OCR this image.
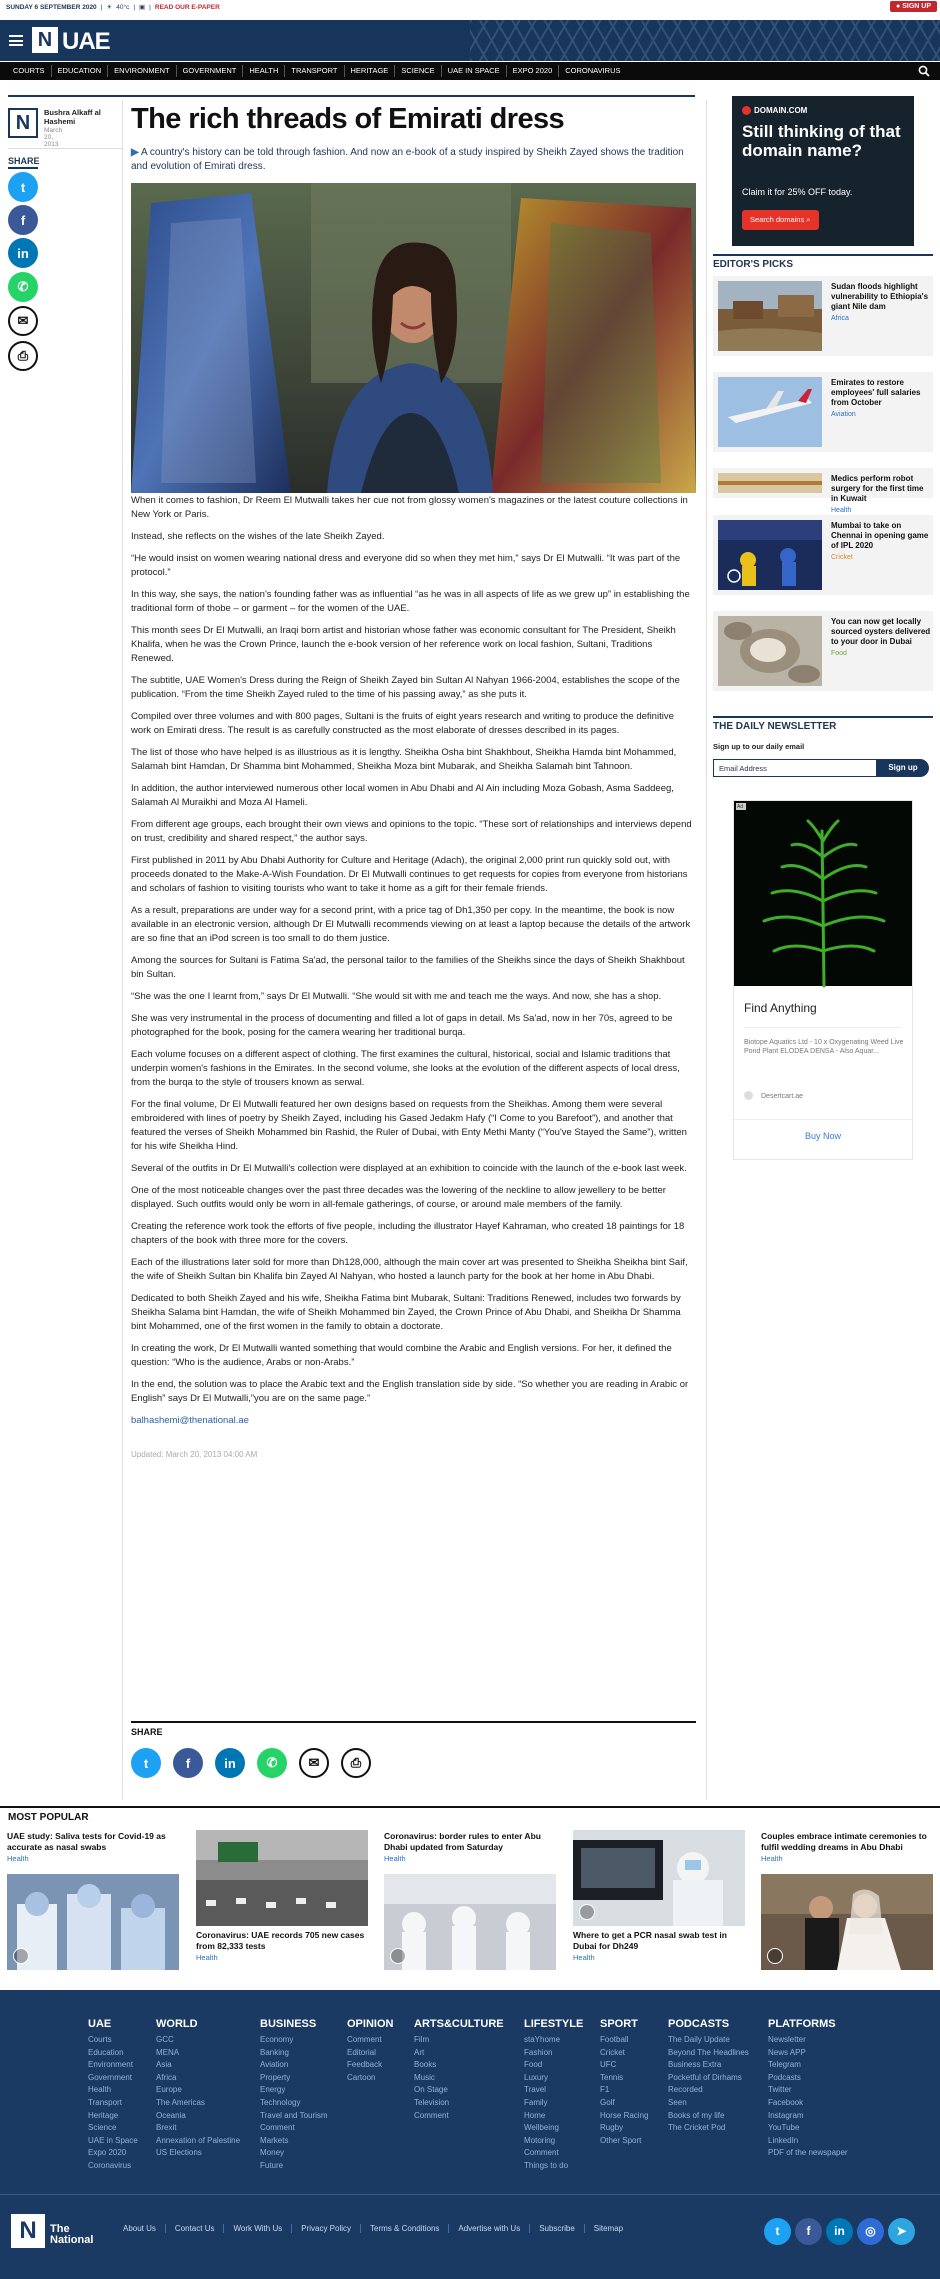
SUNDAY 6 SEPTEMBER 2020 | ☀ 40°c | ▣ | READ OUR E-PAPER	● SIGN UP
N UAE
COURTS	EDUCATION	ENVIRONMENT	GOVERNMENT	HEALTH	TRANSPORT	HERITAGE	SCIENCE	UAE IN SPACE	EXPO 2020	CORONAVIRUS
N	Bushra Alkaff al Hashemi
March 20, 2013
SHARE
t
f
in
✆
✉
⎙
The rich threads of Emirati dress
▶ A country's history can be told through fashion. And now an e-book of a study inspired by Sheikh Zayed shows the tradition and evolution of Emirati dress.

When it comes to fashion, Dr Reem El Mutwalli takes her cue not from glossy women's magazines or the latest couture collections in New York or Paris.

Instead, she reflects on the wishes of the late Sheikh Zayed.

“He would insist on women wearing national dress and everyone did so when they met him,” says Dr El Mutwalli. “It was part of the protocol.”

In this way, she says, the nation's founding father was as influential “as he was in all aspects of life as we grew up” in establishing the traditional form of thobe – or garment – for the women of the UAE.

This month sees Dr El Mutwalli, an Iraqi born artist and historian whose father was economic consultant for The President, Sheikh Khalifa, when he was the Crown Prince, launch the e-book version of her reference work on local fashion, Sultani, Traditions Renewed.

The subtitle, UAE Women's Dress during the Reign of Sheikh Zayed bin Sultan Al Nahyan 1966-2004, establishes the scope of the publication. “From the time Sheikh Zayed ruled to the time of his passing away,” as she puts it.

Compiled over three volumes and with 800 pages, Sultani is the fruits of eight years research and writing to produce the definitive work on Emirati dress. The result is as carefully constructed as the most elaborate of dresses described in its pages.

The list of those who have helped is as illustrious as it is lengthy. Sheikha Osha bint Shakhbout, Sheikha Hamda bint Mohammed, Salamah bint Hamdan, Dr Shamma bint Mohammed, Sheikha Moza bint Mubarak, and Sheikha Salamah bint Tahnoon.

In addition, the author interviewed numerous other local women in Abu Dhabi and Al Ain including Moza Gobash, Asma Saddeeg, Salamah Al Muraikhi and Moza Al Hameli.

From different age groups, each brought their own views and opinions to the topic. “These sort of relationships and interviews depend on trust, credibility and shared respect,” the author says.

First published in 2011 by Abu Dhabi Authority for Culture and Heritage (Adach), the original 2,000 print run quickly sold out, with proceeds donated to the Make-A-Wish Foundation. Dr El Mutwalli continues to get requests for copies from everyone from historians and scholars of fashion to visiting tourists who want to take it home as a gift for their female friends.

As a result, preparations are under way for a second print, with a price tag of Dh1,350 per copy. In the meantime, the book is now available in an electronic version, although Dr El Mutwalli recommends viewing on at least a laptop because the details of the artwork are so fine that an iPod screen is too small to do them justice.

Among the sources for Sultani is Fatima Sa'ad, the personal tailor to the families of the Sheikhs since the days of Sheikh Shakhbout bin Sultan.

“She was the one I learnt from,” says Dr El Mutwalli. “She would sit with me and teach me the ways. And now, she has a shop.

She was very instrumental in the process of documenting and filled a lot of gaps in detail. Ms Sa'ad, now in her 70s, agreed to be photographed for the book, posing for the camera wearing her traditional burqa.

Each volume focuses on a different aspect of clothing. The first examines the cultural, historical, social and Islamic traditions that underpin women's fashions in the Emirates. In the second volume, she looks at the evolution of the different aspects of local dress, from the burqa to the style of trousers known as serwal.

For the final volume, Dr El Mutwalli featured her own designs based on requests from the Sheikhas. Among them were several embroidered with lines of poetry by Sheikh Zayed, including his Gased Jedakm Hafy (“I Come to you Barefoot”), and another that featured the verses of Sheikh Mohammed bin Rashid, the Ruler of Dubai, with Enty Methi Manty (“You've Stayed the Same”), written for his wife Sheikha Hind.

Several of the outfits in Dr El Mutwalli's collection were displayed at an exhibition to coincide with the launch of the e-book last week.

One of the most noticeable changes over the past three decades was the lowering of the neckline to allow jewellery to be better displayed. Such outfits would only be worn in all-female gatherings, of course, or around male members of the family.

Creating the reference work took the efforts of five people, including the illustrator Hayef Kahraman, who created 18 paintings for 18 chapters of the book with three more for the covers.

Each of the illustrations later sold for more than Dh128,000, although the main cover art was presented to Sheikha Sheikha bint Saif, the wife of Sheikh Sultan bin Khalifa bin Zayed Al Nahyan, who hosted a launch party for the book at her home in Abu Dhabi.

Dedicated to both Sheikh Zayed and his wife, Sheikha Fatima bint Mubarak, Sultani: Traditions Renewed, includes two forwards by Sheikha Salama bint Hamdan, the wife of Sheikh Mohammed bin Zayed, the Crown Prince of Abu Dhabi, and Sheikha Dr Shamma bint Mohammed, one of the first women in the family to obtain a doctorate.

In creating the work, Dr El Mutwalli wanted something that would combine the Arabic and English versions. For her, it defined the question: “Who is the audience, Arabs or non-Arabs.”

In the end, the solution was to place the Arabic text and the English translation side by side. “So whether you are reading in Arabic or English” says Dr El Mutwalli,”you are on the same page.”

balhashemi@thenational.ae

Updated: March 20, 2013 04:00 AM

SHARE
t	f	in	✆	✉	⎙
DOMAIN.COM
Still thinking of that domain name?
Claim it for 25% OFF today.
Search domains ⌕
EDITOR'S PICKS
Sudan floods highlight vulnerability to Ethiopia's giant Nile dam
Africa
Emirates to restore employees' full salaries from October
Aviation
Medics perform robot surgery for the first time in Kuwait
Health
Mumbai to take on Chennai in opening game of IPL 2020
Cricket
You can now get locally sourced oysters delivered to your door in Dubai
Food
THE DAILY NEWSLETTER
Sign up to our daily email
Email Address	Sign up
Ad
Find Anything
Biotope Aquatics Ltd - 10 x Oxygenating Weed Live Pond Plant ELODEA DENSA - Also Aquar...
Desertcart.ae
Buy Now
MOST POPULAR
UAE study: Saliva tests for Covid-19 as accurate as nasal swabs
Health
Coronavirus: UAE records 705 new cases from 82,333 tests
Health
Coronavirus: border rules to enter Abu Dhabi updated from Saturday
Health
Where to get a PCR nasal swab test in Dubai for Dh249
Health
Couples embrace intimate ceremonies to fulfil wedding dreams in Abu Dhabi
Health
UAE
Courts
Education
Environment
Government
Health
Transport
Heritage
Science
UAE in Space
Expo 2020
Coronavirus
WORLD
GCC
MENA
Asia
Africa
Europe
The Americas
Oceania
Brexit
Annexation of Palestine
US Elections
BUSINESS
Economy
Banking
Aviation
Property
Energy
Technology
Travel and Tourism
Comment
Markets
Money
Future
OPINION
Comment
Editorial
Feedback
Cartoon
ARTS&CULTURE
Film
Art
Books
Music
On Stage
Television
Comment
LIFESTYLE
staYhome
Fashion
Food
Luxury
Travel
Family
Home
Wellbeing
Motoring
Comment
Things to do
SPORT
Football
Cricket
UFC
Tennis
F1
Golf
Horse Racing
Rugby
Other Sport
PODCASTS
The Daily Update
Beyond The Headlines
Business Extra
Pocketful of Dirhams
Recorded
Seen
Books of my life
The Cricket Pod
PLATFORMS
Newsletter
News APP
Telegram
Podcasts
Twitter
Facebook
Instagram
YouTube
LinkedIn
PDF of the newspaper
N	The National
About Us	Contact Us	Work With Us	Privacy Policy	Terms & Conditions	Advertise with Us	Subscribe	Sitemap	t	f	in	◎	➤
